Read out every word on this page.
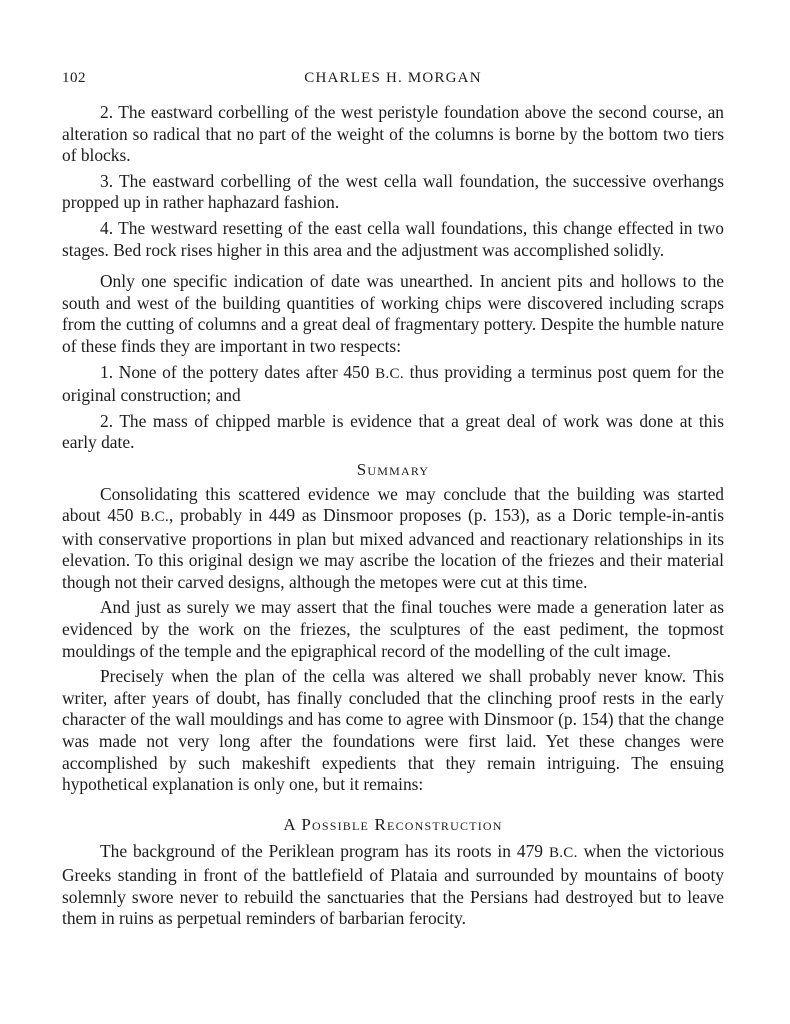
102	CHARLES H. MORGAN

2. The eastward corbelling of the west peristyle foundation above the second course, an alteration so radical that no part of the weight of the columns is borne by the bottom two tiers of blocks.

3. The eastward corbelling of the west cella wall foundation, the successive overhangs propped up in rather haphazard fashion.

4. The westward resetting of the east cella wall foundations, this change effected in two stages. Bed rock rises higher in this area and the adjustment was accomplished solidly.

Only one specific indication of date was unearthed. In ancient pits and hollows to the south and west of the building quantities of working chips were discovered including scraps from the cutting of columns and a great deal of fragmentary pottery. Despite the humble nature of these finds they are important in two respects:

1. None of the pottery dates after 450 B.C. thus providing a terminus post quem for the original construction; and

2. The mass of chipped marble is evidence that a great deal of work was done at this early date.

Summary

Consolidating this scattered evidence we may conclude that the building was started about 450 B.C., probably in 449 as Dinsmoor proposes (p. 153), as a Doric temple-in-antis with conservative proportions in plan but mixed advanced and reactionary relationships in its elevation. To this original design we may ascribe the location of the friezes and their material though not their carved designs, although the metopes were cut at this time.

And just as surely we may assert that the final touches were made a generation later as evidenced by the work on the friezes, the sculptures of the east pediment, the topmost mouldings of the temple and the epigraphical record of the modelling of the cult image.

Precisely when the plan of the cella was altered we shall probably never know. This writer, after years of doubt, has finally concluded that the clinching proof rests in the early character of the wall mouldings and has come to agree with Dinsmoor (p. 154) that the change was made not very long after the foundations were first laid. Yet these changes were accomplished by such makeshift expedients that they remain intriguing. The ensuing hypothetical explanation is only one, but it remains:

A Possible Reconstruction

The background of the Periklean program has its roots in 479 B.C. when the victorious Greeks standing in front of the battlefield of Plataia and surrounded by mountains of booty solemnly swore never to rebuild the sanctuaries that the Persians had destroyed but to leave them in ruins as perpetual reminders of barbarian ferocity.
